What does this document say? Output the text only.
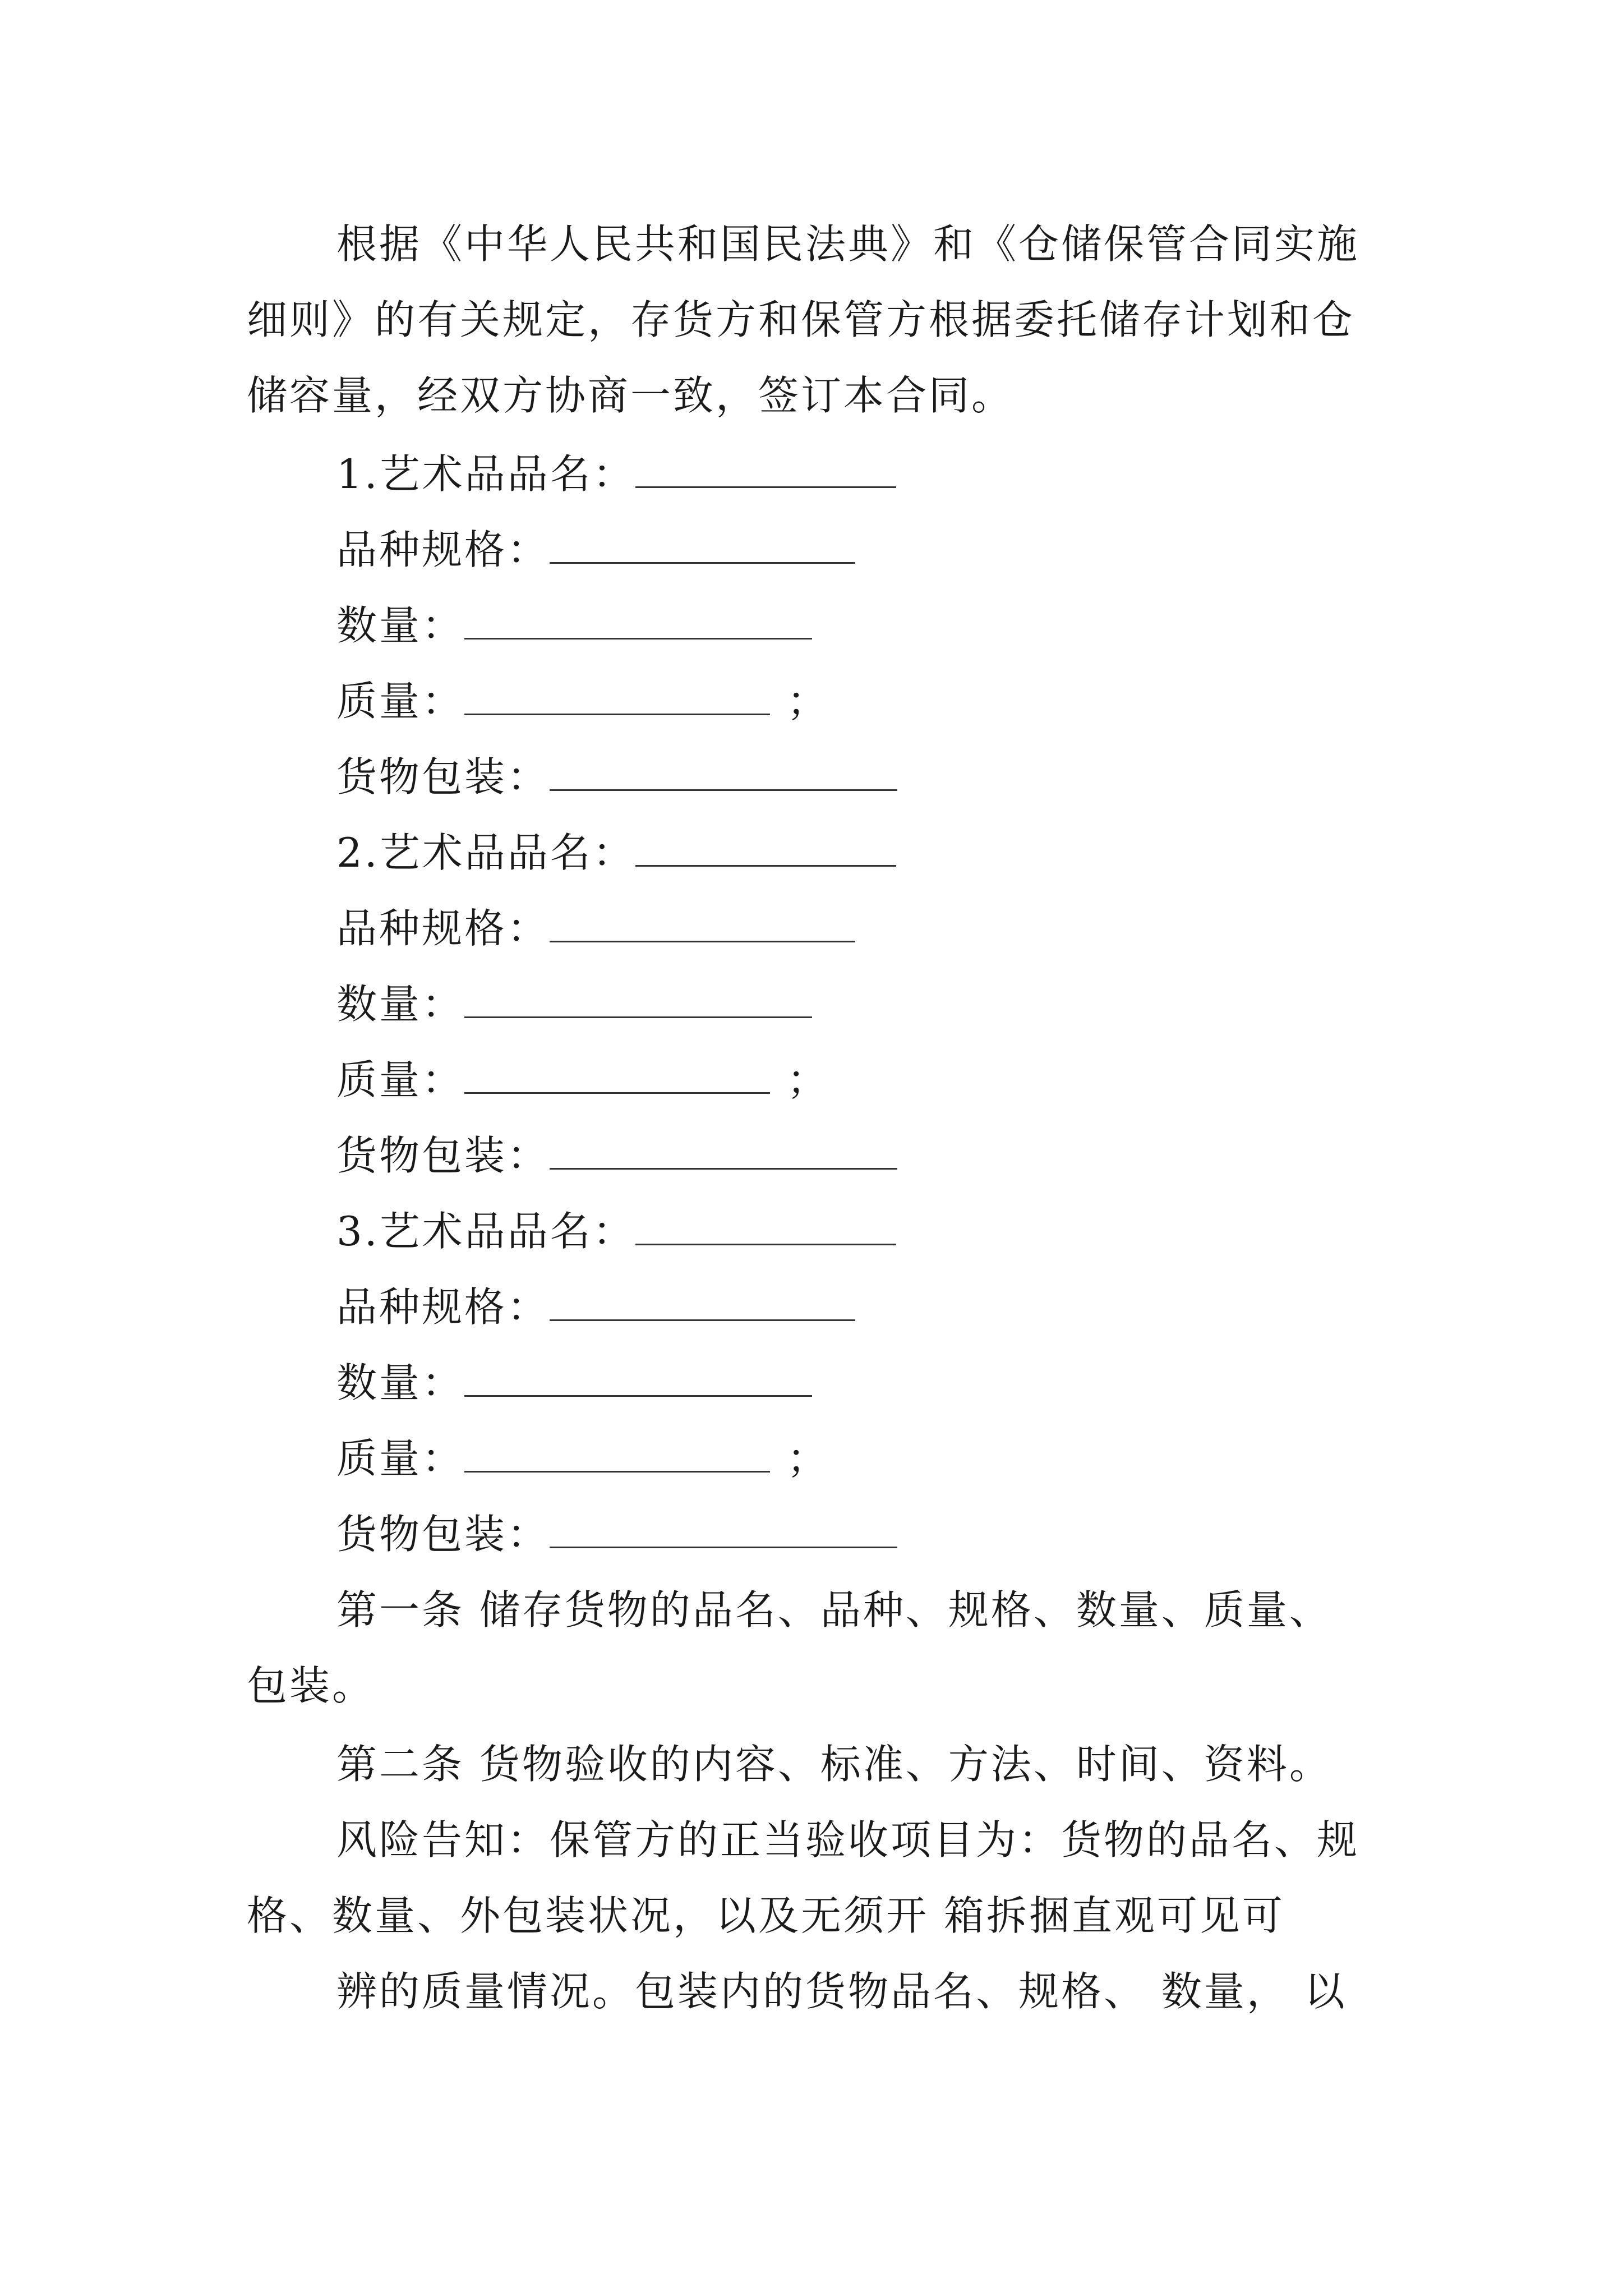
根据《中华人民共和国民法典》和《仓储保管合同实施
细则》的有关规定，存货方和保管方根据委托储存计划和仓
储容量，经双方协商一致，签订本合同。
1.艺术品品名：
品种规格：
数量：
质量：	；
货物包装：
2.艺术品品名：
品种规格：
数量：
质量：	；
货物包装：
3.艺术品品名：
品种规格：
数量：
质量：	；
货物包装：
第一条 储存货物的品名、品种、规格、数量、质量、
包装。
第二条 货物验收的内容、标准、方法、时间、资料。
风险告知：保管方的正当验收项目为：货物的品名、规
格、数量、外包装状况，以及无须开 箱拆捆直观可见可
辨的质量情况。包装内的货物品名、规格、 数量， 以
